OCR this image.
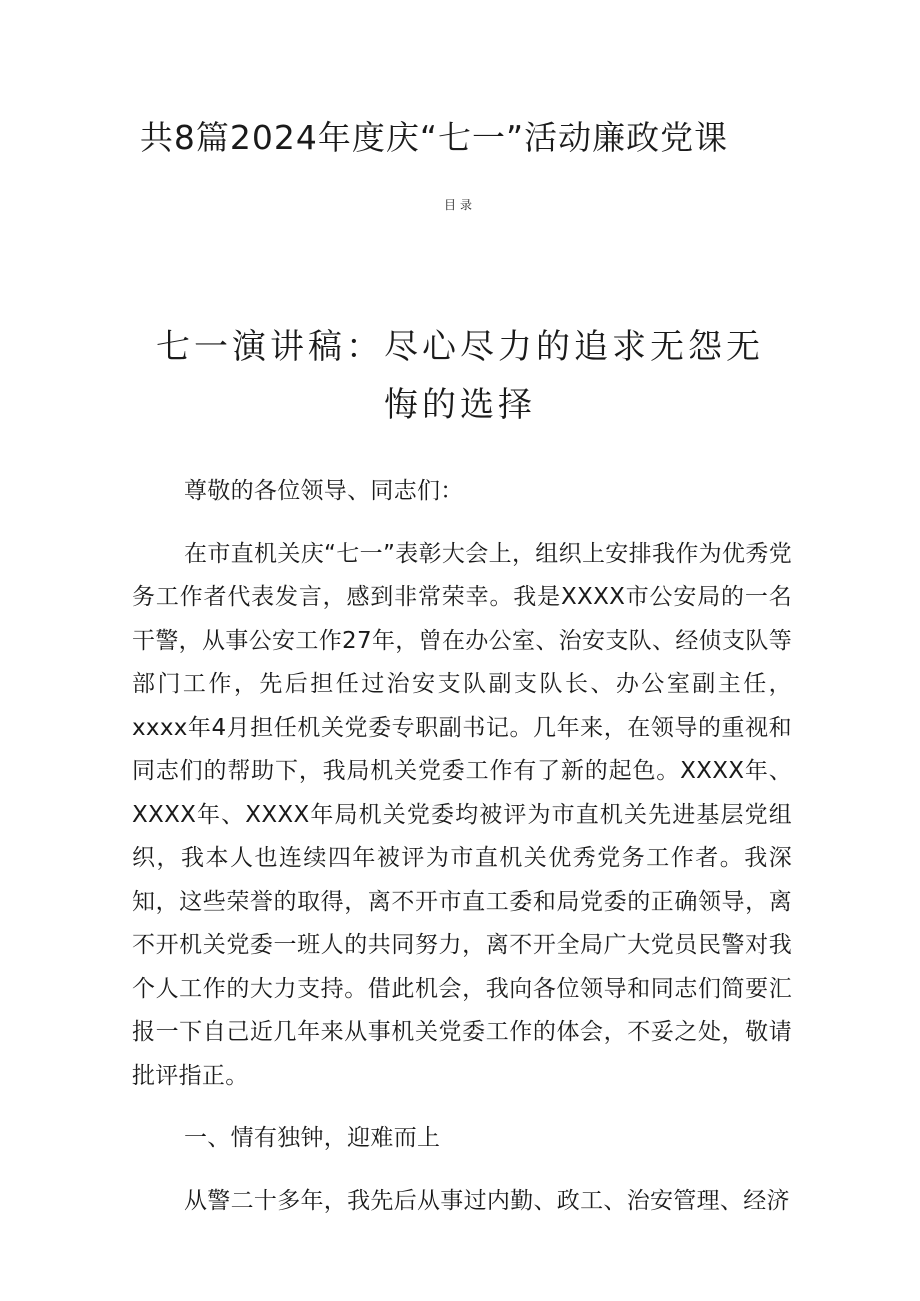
共8篇2024年度庆“七一”活动廉政党课
目录
七一演讲稿：尽心尽力的追求无怨无悔的选择

尊敬的各位领导、同志们：

在市直机关庆“七一”表彰大会上，组织上安排我作为优秀党务工作者代表发言，感到非常荣幸。我是XXXX市公安局的一名干警，从事公安工作27年，曾在办公室、治安支队、经侦支队等部门工作，先后担任过治安支队副支队长、办公室副主任，xxxx年4月担任机关党委专职副书记。几年来，在领导的重视和同志们的帮助下，我局机关党委工作有了新的起色。XXXX年、XXXX年、XXXX年局机关党委均被评为市直机关先进基层党组织，我本人也连续四年被评为市直机关优秀党务工作者。我深知，这些荣誉的取得，离不开市直工委和局党委的正确领导，离不开机关党委一班人的共同努力，离不开全局广大党员民警对我个人工作的大力支持。借此机会，我向各位领导和同志们简要汇报一下自己近几年来从事机关党委工作的体会，不妥之处，敬请批评指正。

一、情有独钟，迎难而上

从警二十多年，我先后从事过内勤、政工、治安管理、经济
